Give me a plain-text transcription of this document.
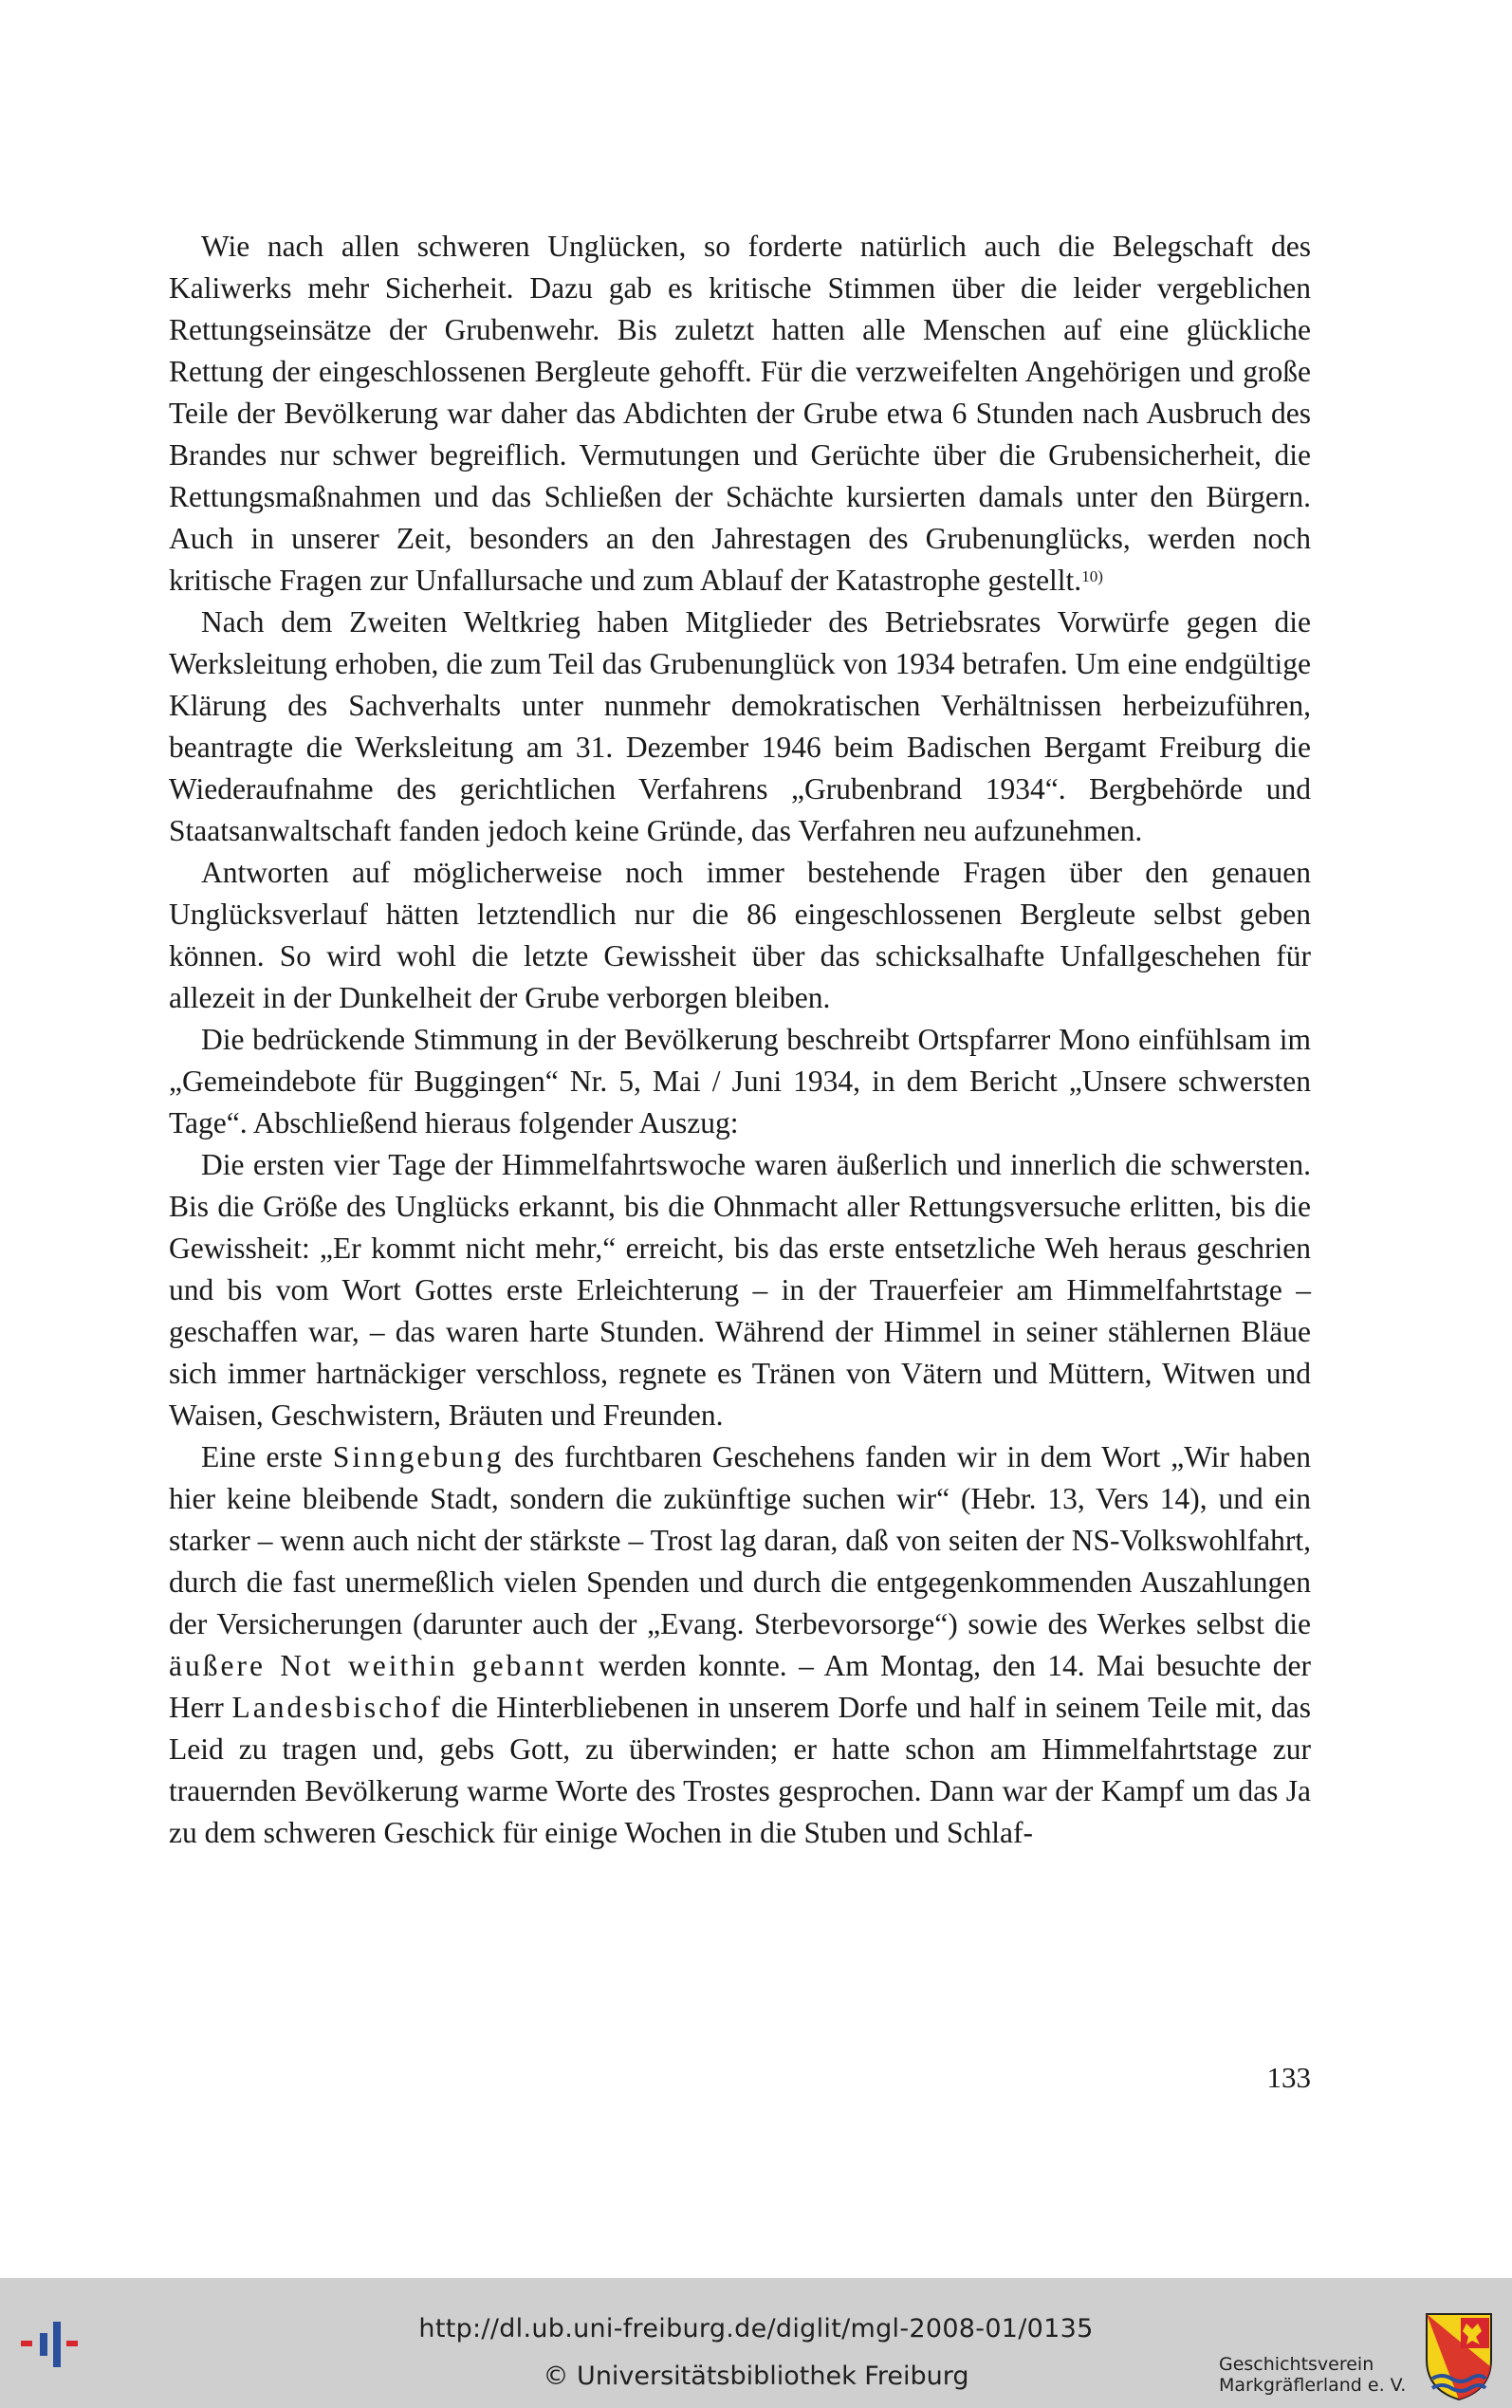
Wie nach allen schweren Unglücken, so forderte natürlich auch die Belegschaft des Kaliwerks mehr Sicherheit. Dazu gab es kritische Stimmen über die leider vergeblichen Rettungseinsätze der Grubenwehr. Bis zuletzt hatten alle Menschen auf eine glückliche Rettung der eingeschlossenen Bergleute gehofft. Für die verzweifelten Angehörigen und große Teile der Bevölkerung war daher das Abdichten der Grube etwa 6 Stunden nach Ausbruch des Brandes nur schwer begreiflich. Vermutungen und Gerüchte über die Grubensicherheit, die Rettungsmaßnahmen und das Schließen der Schächte kursierten damals unter den Bürgern. Auch in unserer Zeit, besonders an den Jahrestagen des Grubenunglücks, werden noch kritische Fragen zur Unfallursache und zum Ablauf der Katastrophe gestellt.$^{10)}$

Nach dem Zweiten Weltkrieg haben Mitglieder des Betriebsrates Vorwürfe gegen die Werksleitung erhoben, die zum Teil das Grubenunglück von 1934 betrafen. Um eine endgültige Klärung des Sachverhalts unter nunmehr demokratischen Verhältnissen herbeizuführen, beantragte die Werksleitung am 31. Dezember 1946 beim Badischen Bergamt Freiburg die Wiederaufnahme des gerichtlichen Verfahrens „Grubenbrand 1934“. Bergbehörde und Staatsanwaltschaft fanden jedoch keine Gründe, das Verfahren neu aufzunehmen.

Antworten auf möglicherweise noch immer bestehende Fragen über den genauen Unglücksverlauf hätten letztendlich nur die 86 eingeschlossenen Bergleute selbst geben können. So wird wohl die letzte Gewissheit über das schicksalhafte Unfallgeschehen für allezeit in der Dunkelheit der Grube verborgen bleiben.

Die bedrückende Stimmung in der Bevölkerung beschreibt Ortspfarrer Mono einfühlsam im „Gemeindebote für Buggingen“ Nr. 5, Mai / Juni 1934, in dem Bericht „Unsere schwersten Tage“. Abschließend hieraus folgender Auszug:

Die ersten vier Tage der Himmelfahrtswoche waren äußerlich und innerlich die schwersten. Bis die Größe des Unglücks erkannt, bis die Ohnmacht aller Rettungsversuche erlitten, bis die Gewissheit: „Er kommt nicht mehr,“ erreicht, bis das erste entsetzliche Weh heraus geschrien und bis vom Wort Gottes erste Erleichterung – in der Trauerfeier am Himmelfahrtstage – geschaffen war, – das waren harte Stunden. Während der Himmel in seiner stählernen Bläue sich immer hartnäckiger verschloss, regnete es Tränen von Vätern und Müttern, Witwen und Waisen, Geschwistern, Bräuten und Freunden.

Eine erste Sinngebung des furchtbaren Geschehens fanden wir in dem Wort „Wir haben hier keine bleibende Stadt, sondern die zukünftige suchen wir“ (Hebr. 13, Vers 14), und ein starker – wenn auch nicht der stärkste – Trost lag daran, daß von seiten der NS-Volkswohlfahrt, durch die fast unermeßlich vielen Spenden und durch die entgegenkommenden Auszahlungen der Versicherungen (darunter auch der „Evang. Sterbevorsorge“) sowie des Werkes selbst die äußere Not weithin gebannt werden konnte. – Am Montag, den 14. Mai besuchte der Herr Landesbischof die Hinterbliebenen in unserem Dorfe und half in seinem Teile mit, das Leid zu tragen und, gebs Gott, zu überwinden; er hatte schon am Himmelfahrtstage zur trauernden Bevölkerung warme Worte des Trostes gesprochen. Dann war der Kampf um das Ja zu dem schweren Geschick für einige Wochen in die Stuben und Schlaf-

133
http://dl.ub.uni-freiburg.de/diglit/mgl-2008-01/0135
© Universitätsbibliothek Freiburg	Geschichtsverein
Markgräflerland e. V.
